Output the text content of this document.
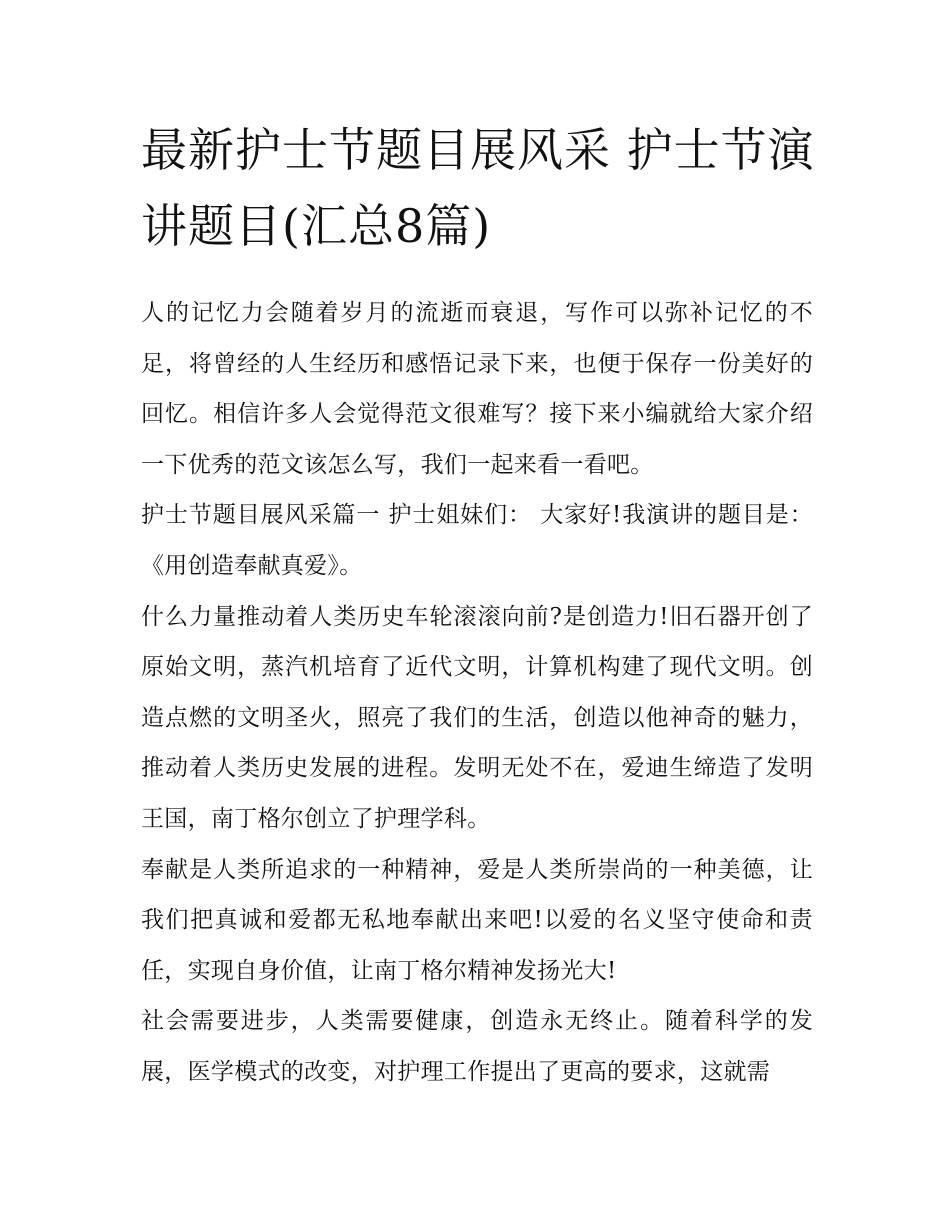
最新护士节题目展风采 护士节演讲题目(汇总8篇)

人的记忆力会随着岁月的流逝而衰退，写作可以弥补记忆的不足，将曾经的人生经历和感悟记录下来，也便于保存一份美好的回忆。相信许多人会觉得范文很难写？接下来小编就给大家介绍一下优秀的范文该怎么写，我们一起来看一看吧。

护士节题目展风采篇一 护士姐妹们： 大家好!我演讲的题目是：《用创造奉献真爱》。

什么力量推动着人类历史车轮滚滚向前?是创造力!旧石器开创了原始文明，蒸汽机培育了近代文明，计算机构建了现代文明。创造点燃的文明圣火，照亮了我们的生活，创造以他神奇的魅力，推动着人类历史发展的进程。发明无处不在，爱迪生缔造了发明王国，南丁格尔创立了护理学科。

奉献是人类所追求的一种精神，爱是人类所崇尚的一种美德，让我们把真诚和爱都无私地奉献出来吧!以爱的名义坚守使命和责任，实现自身价值，让南丁格尔精神发扬光大!

社会需要进步，人类需要健康，创造永无终止。随着科学的发展，医学模式的改变，对护理工作提出了更高的要求，这就需
